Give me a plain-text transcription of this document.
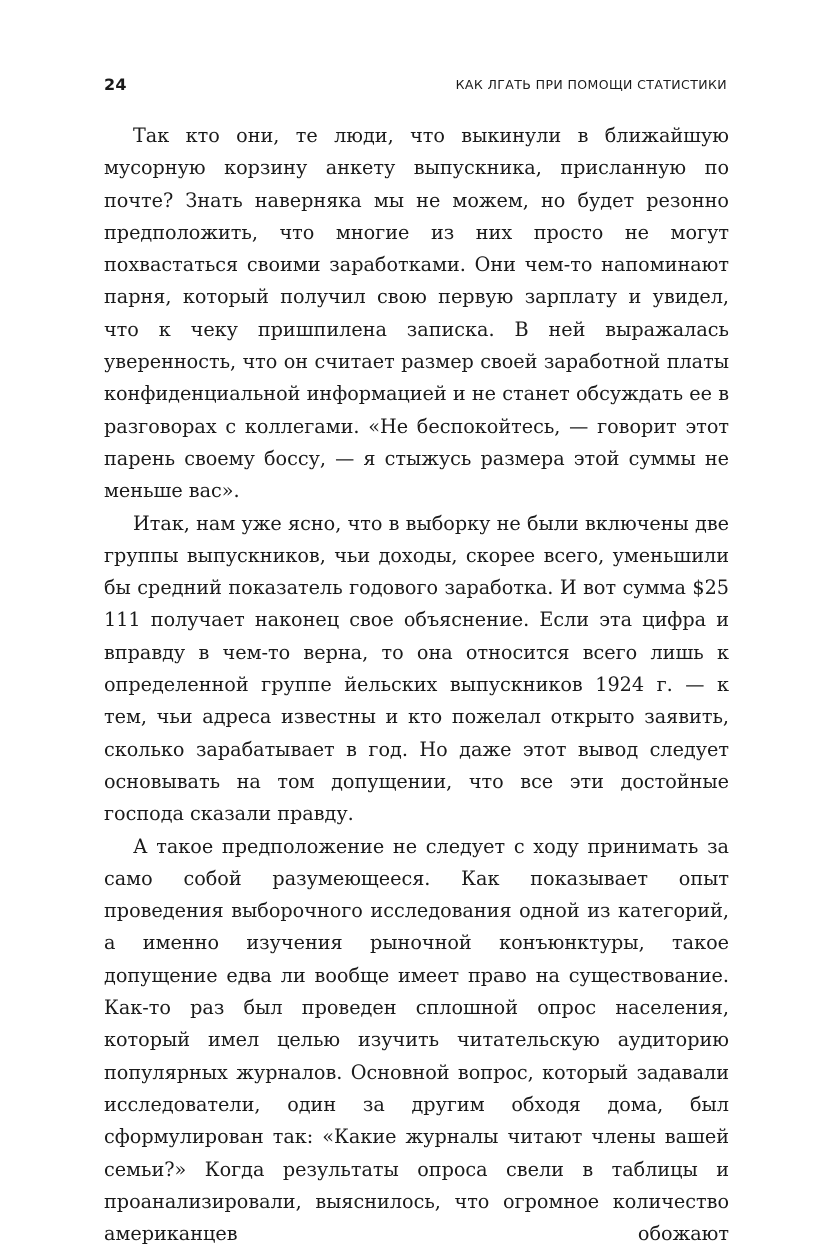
24	КАК ЛГАТЬ ПРИ ПОМОЩИ СТАТИСТИКИ

Так кто они, те люди, что выкинули в ближайшую мусорную корзину анкету выпускника, присланную по почте? Знать наверняка мы не можем, но будет резонно предположить, что многие из них просто не могут похвастаться своими заработками. Они чем-то напоминают парня, который получил свою первую зарплату и увидел, что к чеку пришпилена записка. В ней выражалась уверенность, что он считает размер своей заработной платы конфиденциальной информацией и не станет обсуждать ее в разговорах с коллегами. «Не беспокойтесь, — говорит этот парень своему боссу, — я стыжусь размера этой суммы не меньше вас».

Итак, нам уже ясно, что в выборку не были включены две группы выпускников, чьи доходы, скорее всего, уменьшили бы средний показатель годового заработка. И вот сумма $25 111 получает наконец свое объяснение. Если эта цифра и вправду в чем-то верна, то она относится всего лишь к определенной группе йельских выпускников 1924 г. — к тем, чьи адреса известны и кто пожелал открыто заявить, сколько зарабатывает в год. Но даже этот вывод следует основывать на том допущении, что все эти достойные господа сказали правду.

А такое предположение не следует с ходу принимать за само собой разумеющееся. Как показывает опыт проведения выборочного исследования одной из категорий, а именно изучения рыночной конъюнктуры, такое допущение едва ли вообще имеет право на существование. Как-то раз был проведен сплошной опрос населения, который имел целью изучить читательскую аудиторию популярных журналов. Основной вопрос, который задавали исследователи, один за другим обходя дома, был сформулирован так: «Какие журналы читают члены вашей семьи?» Когда результаты опроса свели в таблицы и проанализировали, выяснилось, что огромное количество американцев обожают
